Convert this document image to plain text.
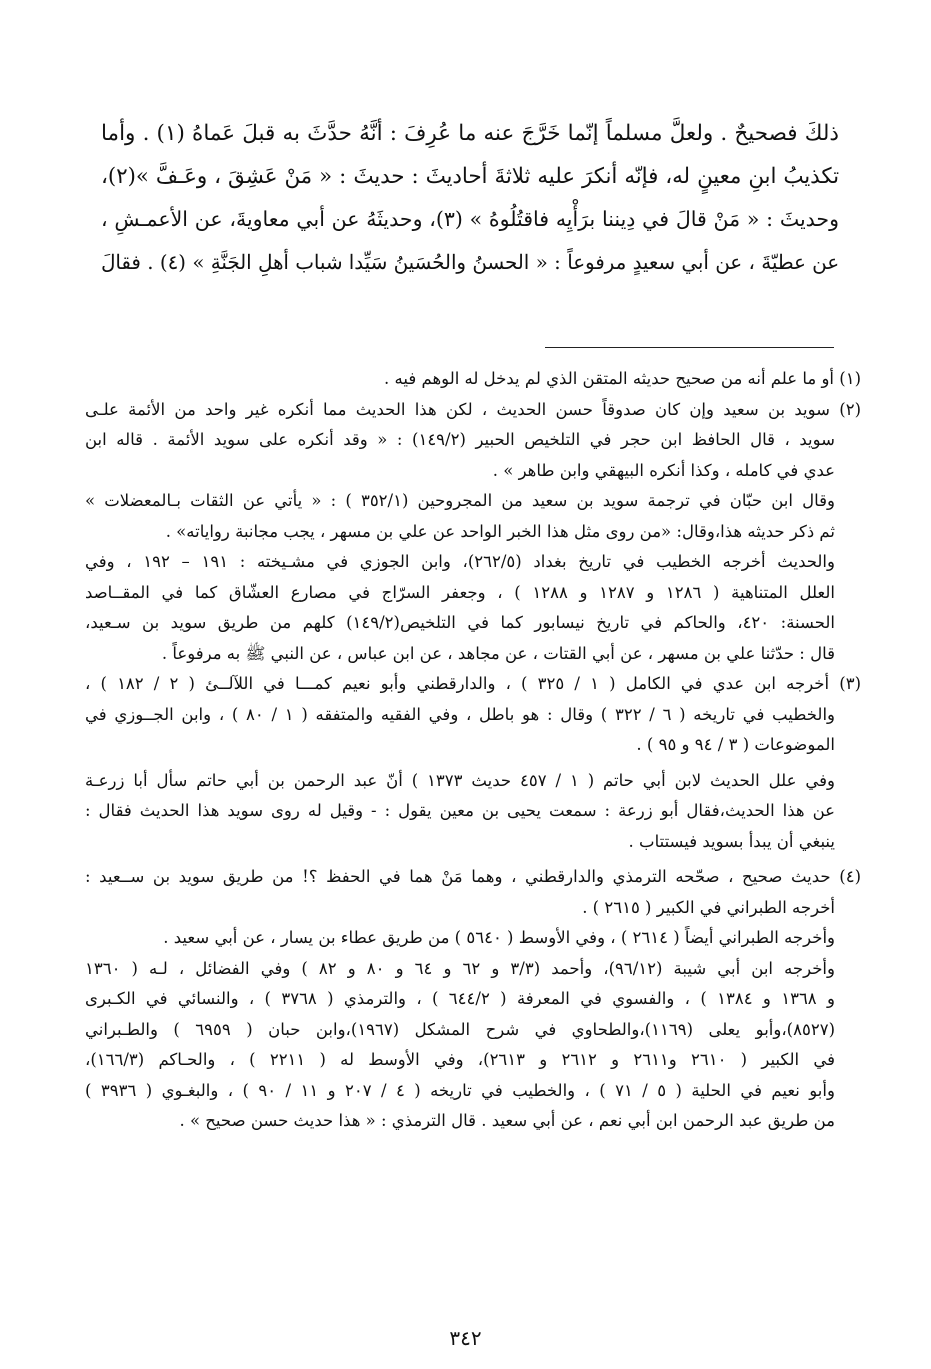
ذلكَ فصحيحٌ . ولعلَّ مسلماً إنّما خَرَّجَ عنه ما عُرِفَ : أنَّهُ حدَّثَ به قبلَ عَماهُ (١) . وأما
تكذيبُ ابنِ معينٍ له، فإنّه أنكرَ عليه ثلاثةَ أحاديثَ : حديثَ : « مَنْ عَشِقَ ، وعَـفَّ »(٢)،
وحديثَ : « مَنْ قالَ في دِيننا برَأْيِه فاقتُلُوهُ » (٣)، وحديثَهُ عن أبي معاويةَ، عن الأعمـشِ ،
عن عطيّةَ ، عن أبي سعيدٍ مرفوعاً : « الحسنُ والحُسَينُ سَيِّدا شباب أهلِ الجَنَّةِ » (٤) . فقالَ
(١) أو ما علم أنه من صحيح حديثه المتقن الذي لم يدخل له الوهم فيه .
(٢) سويد بن سعيد وإن كان صدوقاً حسن الحديث ، لكن هذا الحديث مما أنكره غير واحد من الأئمة علـى
سويد ، قال الحافظ ابن حجر في التلخيص الحبير (١٤٩/٢) : « وقد أنكره على سويد الأئمة . قاله ابن
عدي في كامله ، وكذا أنكره البيهقي وابن طاهر » .
وقال ابن حبّان في ترجمة سويد بن سعيد من المجروحين (٣٥٢/١ ) : « يأتي عن الثقات بـالمعضلات »
ثم ذكر حديثه هذا،وقال: «من روى مثل هذا الخبر الواحد عن علي بن مسهر ، يجب مجانبة رواياته» .
والحديث أخرجه الخطيب في تاريخ بغداد (٢٦٢/٥)، وابن الجوزي في مشـيخته : ١٩١ – ١٩٢ ، وفي
العلل المتناهية ( ١٢٨٦ و ١٢٨٧ و ١٢٨٨ ) ، وجعفر السرّاج في مصارع العشّاق كما في المقــاصد
الحسنة: ٤٢٠، والحاكم في تاريخ نيسابور كما في التلخيص(١٤٩/٢) كلهم من طريق سويد بن سـعيد،
قال : حدّثنا علي بن مسهر ، عن أبي القتات ، عن مجاهد ، عن ابن عباس ، عن النبي ﷺ به مرفوعاً .
(٣) أخرجه ابن عدي في الكامل ( ١ / ٣٢٥ ) ، والدارقطني وأبو نعيم كمـــا في اللآلــئ ( ٢ / ١٨٢ ) ،
والخطيب في تاريخه ( ٦ / ٣٢٢ ) وقال : هو باطل ، وفي الفقيه والمتفقه ( ١ / ٨٠ ) ، وابن الجــوزي في
الموضوعات ( ٣ / ٩٤ و ٩٥ ) .
وفي علل الحديث لابن أبي حاتم ( ١ / ٤٥٧ حديث ١٣٧٣ ) أنّ عبد الرحمن بن أبي حاتم سأل أبا زرعـة
عن هذا الحديث،فقال أبو زرعة : سمعت يحيى بن معين يقول : - وقيل له روى سويد هذا الحديث فقال :
ينبغي أن يبدأ بسويد فيستتاب .
(٤) حديث صحيح ، صحّحه الترمذي والدارقطني ، وهما مَنْ هما في الحفظ ؟! من طريق سويد بن ســعيد :
أخرجه الطبراني في الكبير ( ٢٦١٥ ) .
وأخرجه الطبراني أيضاً ( ٢٦١٤ ) ، وفي الأوسط ( ٥٦٤٠ ) من طريق عطاء بن يسار ، عن أبي سعيد .
وأخرجه ابن أبي شيبة (٩٦/١٢)، وأحمد (٣/٣ و ٦٢ و ٦٤ و ٨٠ و ٨٢ ) وفي الفضائل ، لـه ( ١٣٦٠
و ١٣٦٨ و ١٣٨٤ ) ، والفسوي في المعرفة ( ٦٤٤/٢ ) ، والترمذي ( ٣٧٦٨ ) ، والنسائي في الكـبرى
(٨٥٢٧)،وأبو يعلى (١١٦٩)،والطحاوي في شرح المشكل (١٩٦٧)،وابن حبان ( ٦٩٥٩ ) والطـبراني
في الكبير ( ٢٦١٠ و٢٦١١ و ٢٦١٢ و ٢٦١٣)، وفي الأوسط له ( ٢٢١١ ) ، والحـاكم (١٦٦/٣)،
وأبو نعيم في الحلية ( ٥ / ٧١ ) ، والخطيب في تاريخه ( ٤ / ٢٠٧ و ١١ / ٩٠ ) ، والبغـوي ( ٣٩٣٦ )
من طريق عبد الرحمن ابن أبي نعم ، عن أبي سعيد . قال الترمذي : « هذا حديث حسن صحيح » .
٣٤٢
